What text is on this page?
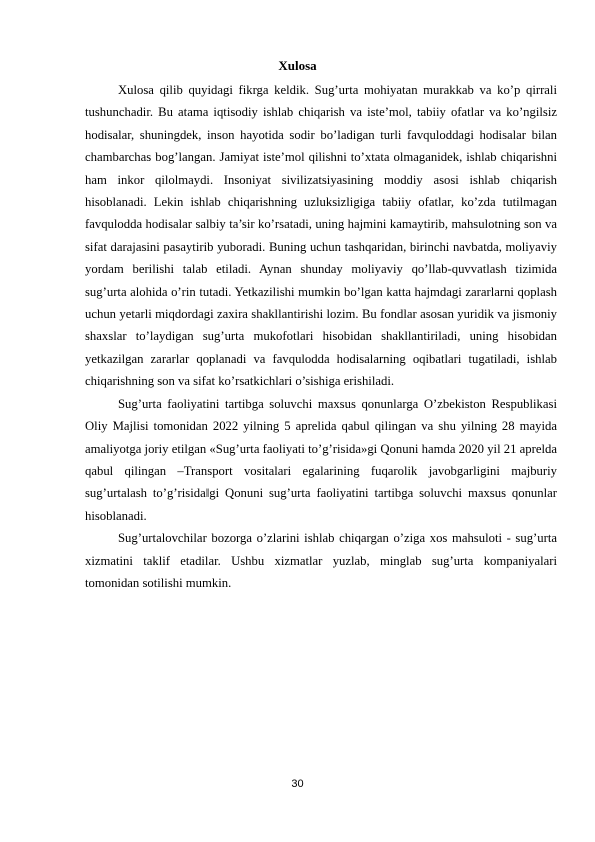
Xulosa

Xulosa qilib quyidagi fikrga keldik. Sug’urta mohiyatan murakkab va ko’p qirrali tushunchadir. Bu atama iqtisodiy ishlab chiqarish va iste’mol, tabiiy ofatlar va ko’ngilsiz hodisalar, shuningdek, inson hayotida sodir bo’ladigan turli favquloddagi hodisalar bilan chambarchas bog’langan. Jamiyat iste’mol qilishni to’xtata olmaganidek, ishlab chiqarishni ham inkor qilolmaydi. Insoniyat sivilizatsiyasining moddiy asosi ishlab chiqarish hisoblanadi. Lekin ishlab chiqarishning uzluksizligiga tabiiy ofatlar, ko’zda tutilmagan favqulodda hodisalar salbiy ta’sir ko’rsatadi, uning hajmini kamaytirib, mahsulotning son va sifat darajasini pasaytirib yuboradi. Buning uchun tashqaridan, birinchi navbatda, moliyaviy yordam berilishi talab etiladi. Aynan shunday moliyaviy qo’llab-quvvatlash tizimida sug’urta alohida o’rin tutadi. Yetkazilishi mumkin bo’lgan katta hajmdagi zararlarni qoplash uchun yetarli miqdordagi zaxira shakllantirishi lozim. Bu fondlar asosan yuridik va jismoniy shaxslar to’laydigan sug’urta mukofotlari hisobidan shakllantiriladi, uning hisobidan yetkazilgan zararlar qoplanadi va favqulodda hodisalarning oqibatlari tugatiladi, ishlab chiqarishning son va sifat ko’rsatkichlari o’sishiga erishiladi.

Sug’urta faoliyatini tartibga soluvchi maxsus qonunlarga O’zbekiston Respublikasi Oliy Majlisi tomonidan 2022 yilning 5 aprelida qabul qilingan va shu yilning 28 mayida amaliyotga joriy etilgan «Sug’urta faoliyati to’g’risida»gi Qonuni hamda 2020 yil 21 aprelda qabul qilingan ‒Transport vositalari egalarining fuqarolik javobgarligini majburiy sug’urtalash to’g’risida‖gi Qonuni sug’urta faoliyatini tartibga soluvchi maxsus qonunlar hisoblanadi.

Sug’urtalovchilar bozorga o’zlarini ishlab chiqargan o’ziga xos mahsuloti - sug’urta xizmatini taklif etadilar. Ushbu xizmatlar yuzlab, minglab sug’urta kompaniyalari tomonidan sotilishi mumkin.

30
